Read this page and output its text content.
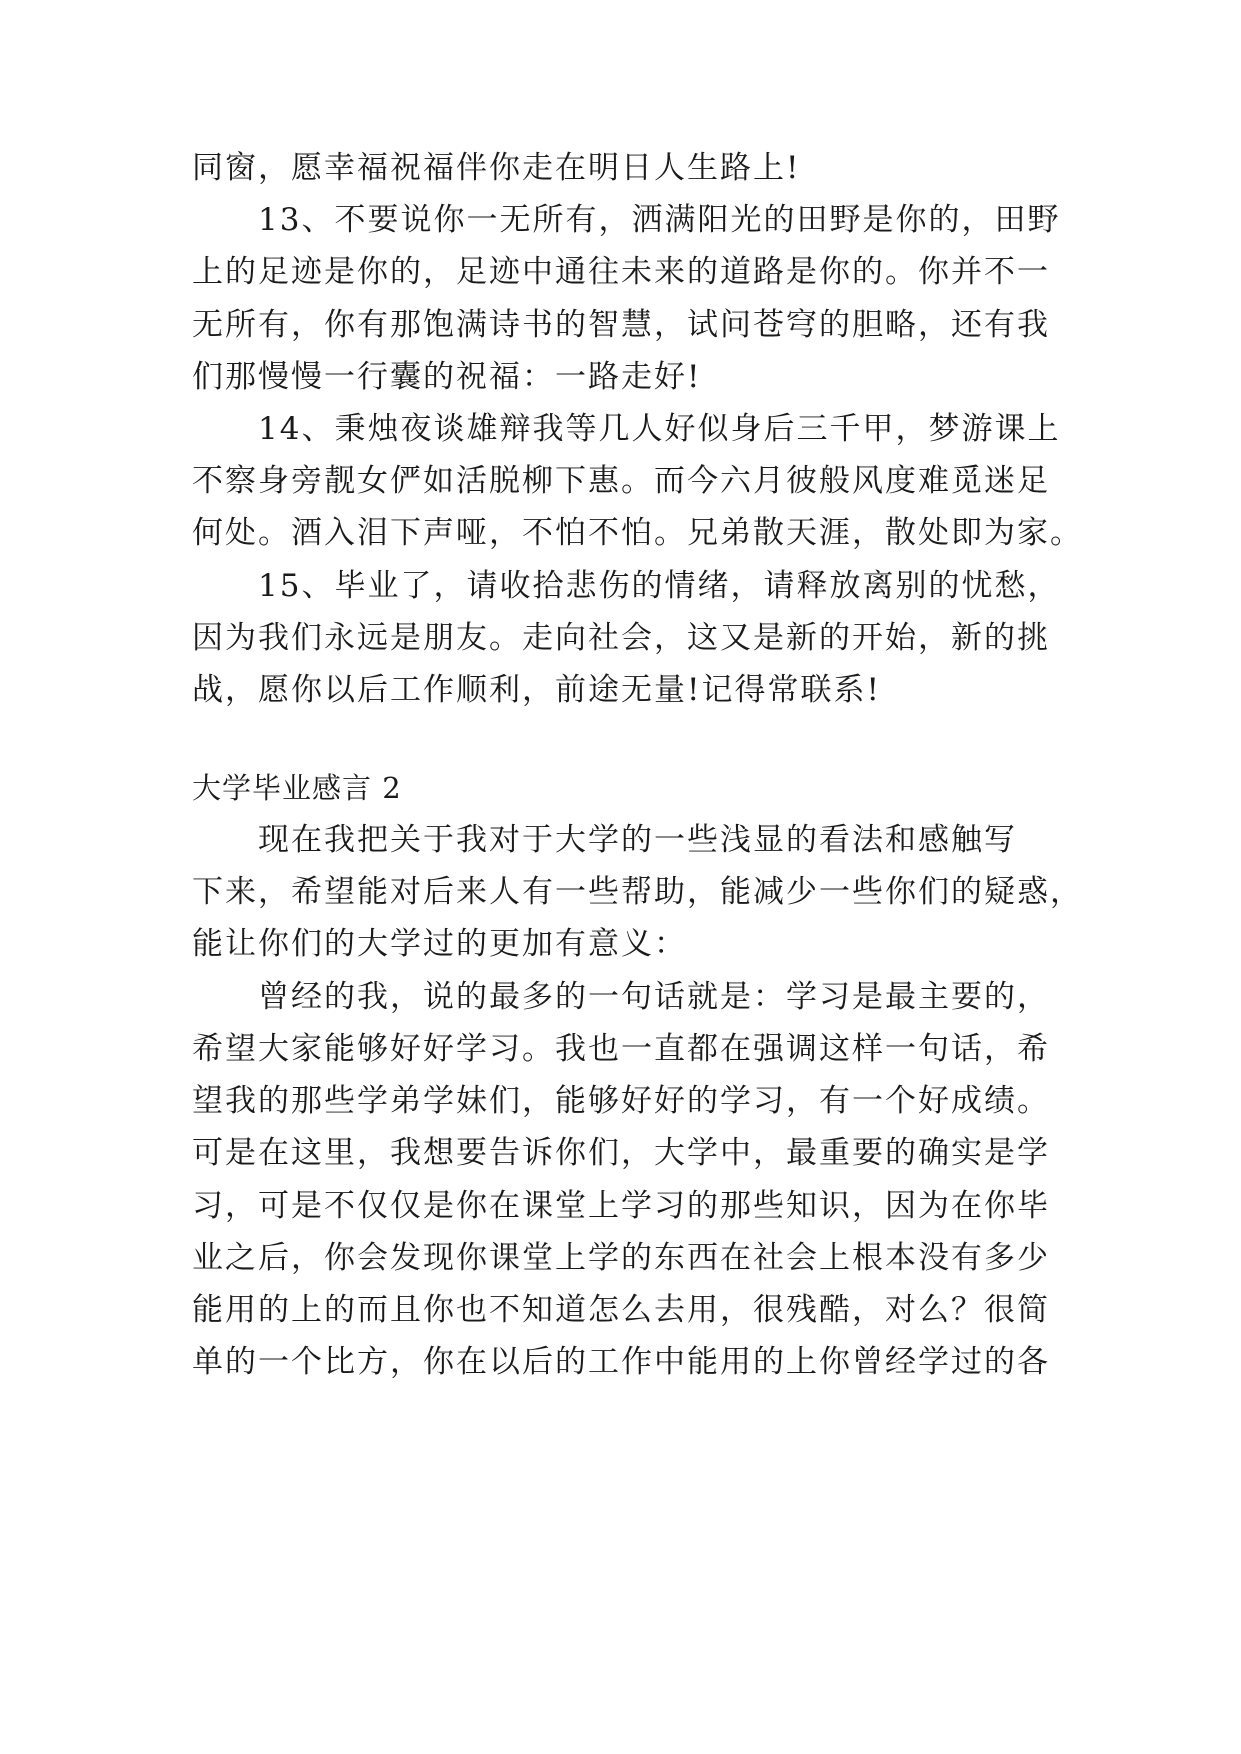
同窗，愿幸福祝福伴你走在明日人生路上!
　　13、不要说你一无所有，洒满阳光的田野是你的，田野
上的足迹是你的，足迹中通往未来的道路是你的。你并不一
无所有，你有那饱满诗书的智慧，试问苍穹的胆略，还有我
们那慢慢一行囊的祝福：一路走好!
　　14、秉烛夜谈雄辩我等几人好似身后三千甲，梦游课上
不察身旁靓女俨如活脱柳下惠。而今六月彼般风度难觅迷足
何处。酒入泪下声哑，不怕不怕。兄弟散天涯，散处即为家。
　　15、毕业了，请收拾悲伤的情绪，请释放离别的忧愁，
因为我们永远是朋友。走向社会，这又是新的开始，新的挑
战，愿你以后工作顺利，前途无量!记得常联系!
大学毕业感言 2
　　现在我把关于我对于大学的一些浅显的看法和感触写
下来，希望能对后来人有一些帮助，能减少一些你们的疑惑，
能让你们的大学过的更加有意义：
　　曾经的我，说的最多的一句话就是：学习是最主要的，
希望大家能够好好学习。我也一直都在强调这样一句话，希
望我的那些学弟学妹们，能够好好的学习，有一个好成绩。
可是在这里，我想要告诉你们，大学中，最重要的确实是学
习，可是不仅仅是你在课堂上学习的那些知识，因为在你毕
业之后，你会发现你课堂上学的东西在社会上根本没有多少
能用的上的而且你也不知道怎么去用，很残酷，对么？很简
单的一个比方，你在以后的工作中能用的上你曾经学过的各
